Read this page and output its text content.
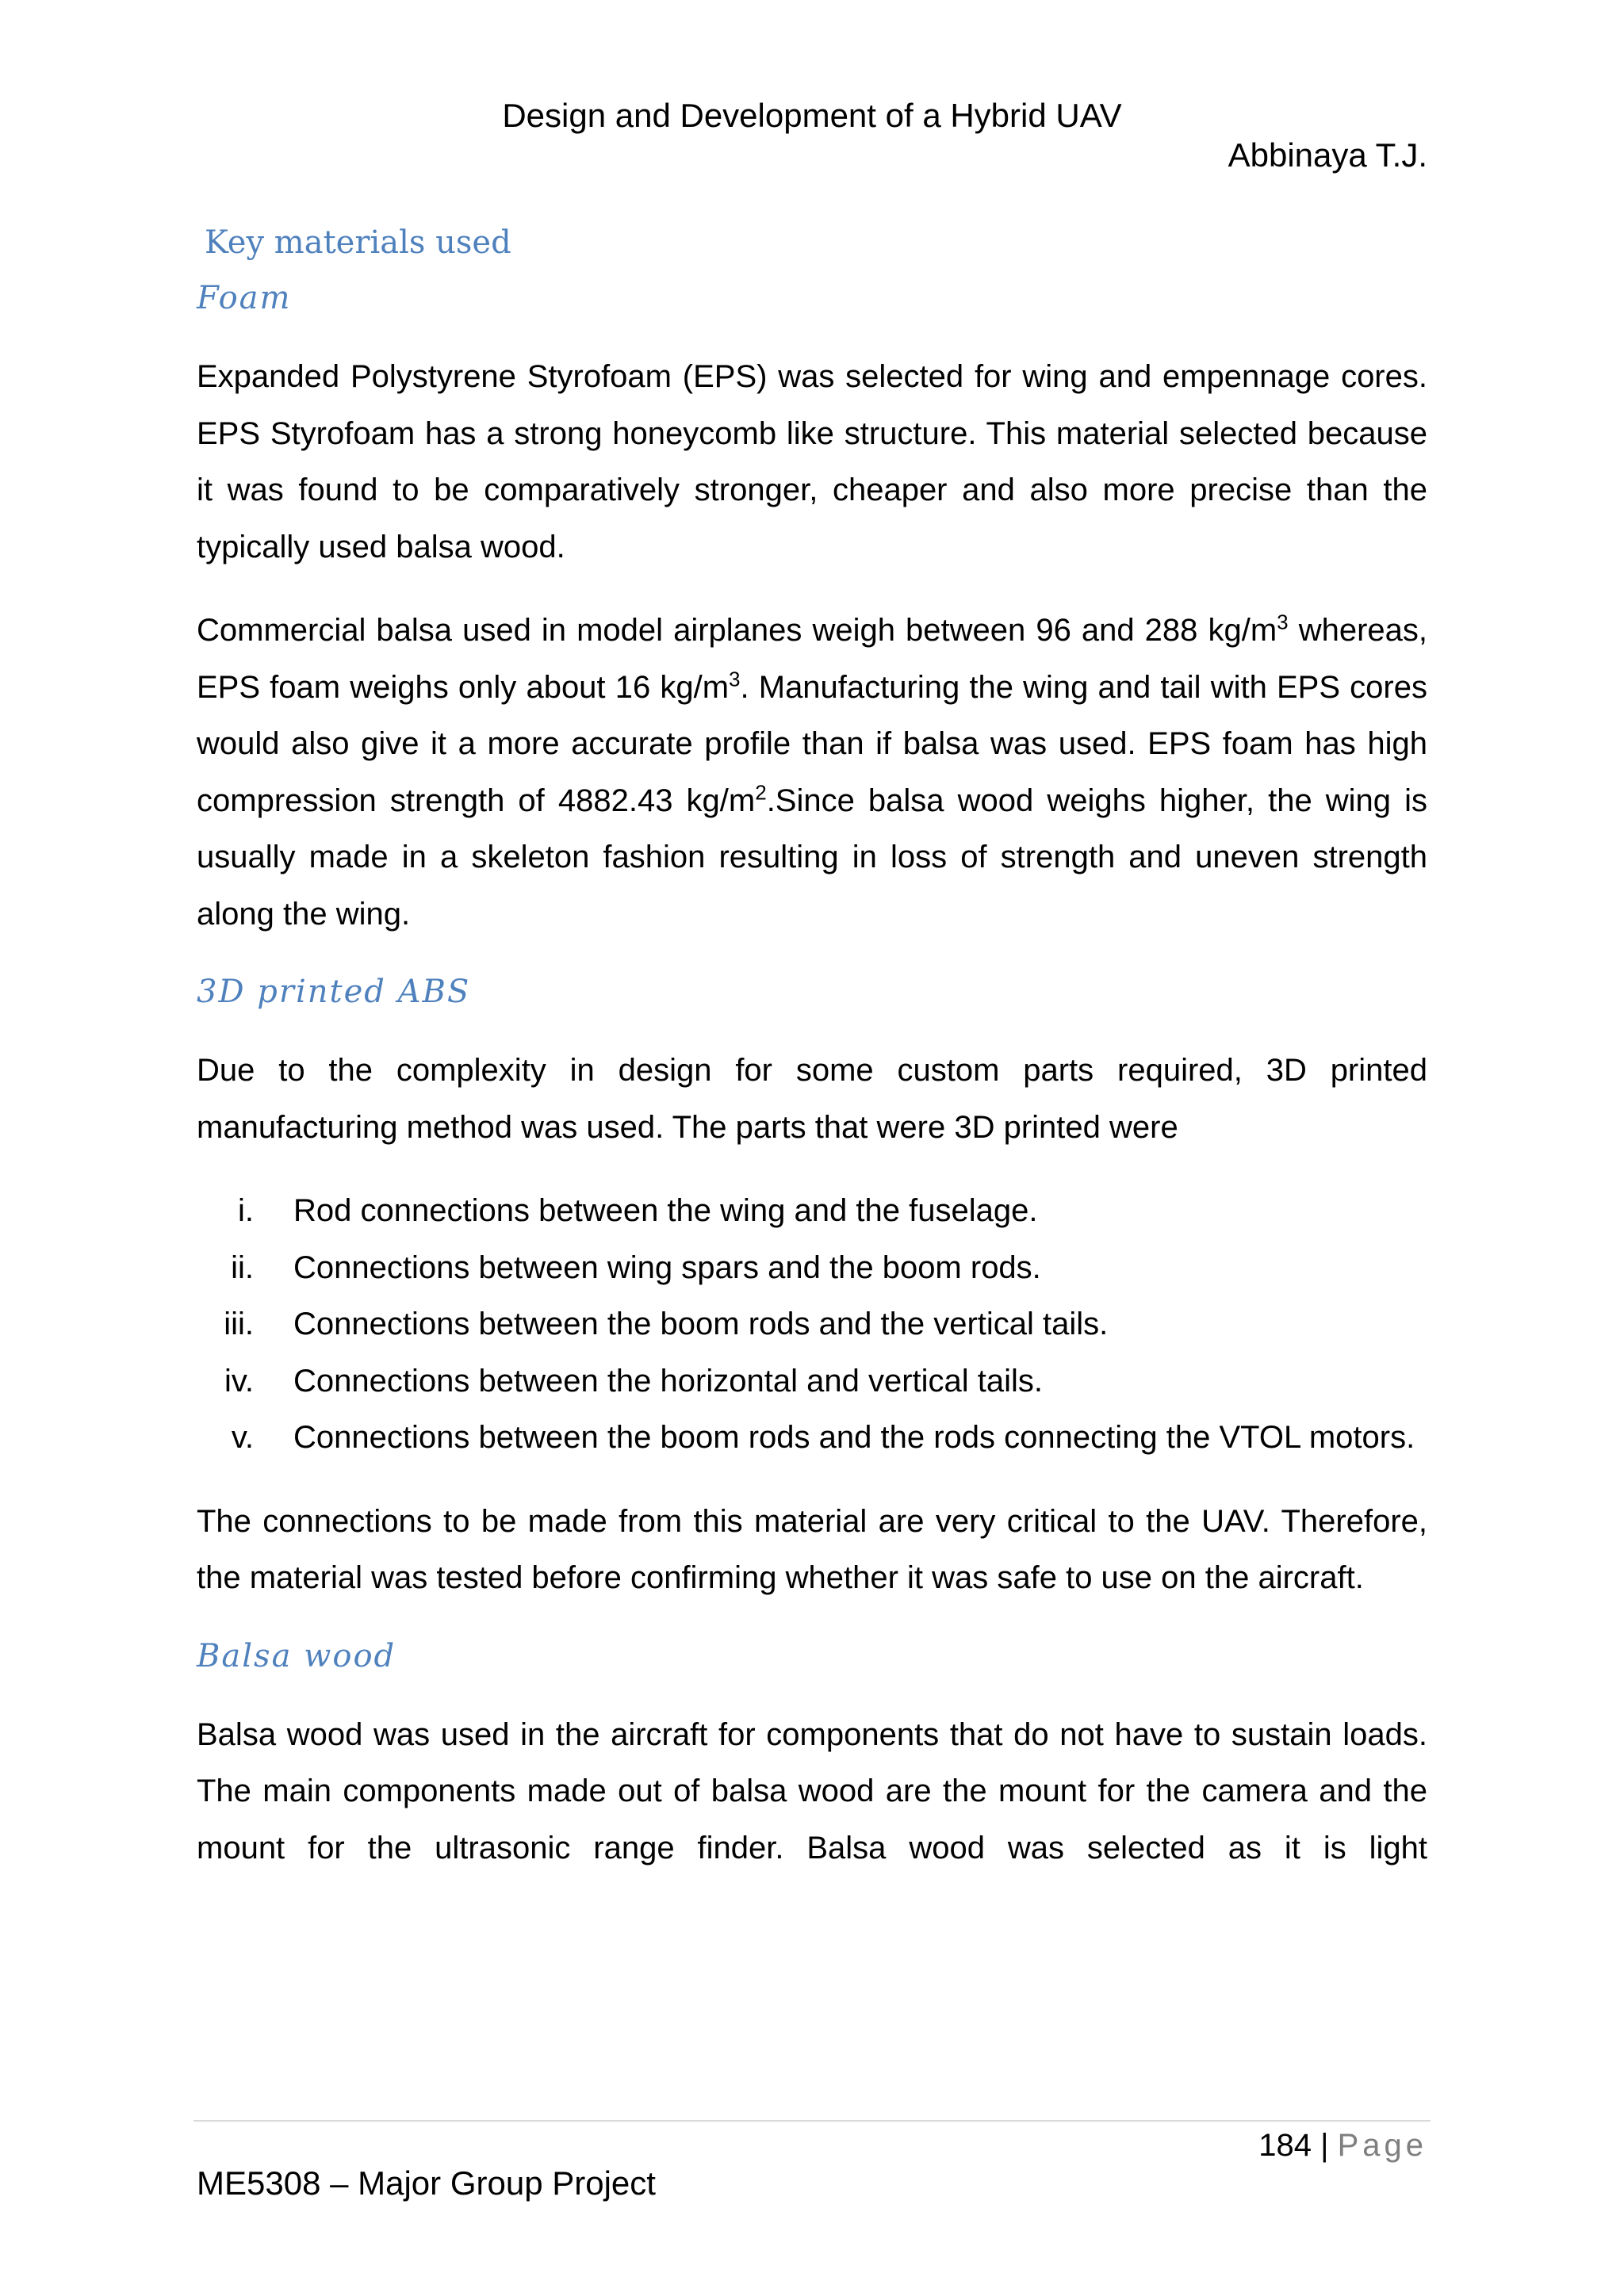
Design and Development of a Hybrid UAV
Abbinaya T.J.
Key materials used
Foam

Expanded Polystyrene Styrofoam (EPS) was selected for wing and empennage cores. EPS Styrofoam has a strong honeycomb like structure. This material selected because it was found to be comparatively stronger, cheaper and also more precise than the typically used balsa wood.

Commercial balsa used in model airplanes weigh between 96 and 288 $kg/m^3$ whereas, EPS foam weighs only about 16 $kg/m^3$. Manufacturing the wing and tail with EPS cores would also give it a more accurate profile than if balsa was used. EPS foam has high compression strength of 4882.43 $kg/m^2.Since$ balsa wood weighs higher, the wing is usually made in a skeleton fashion resulting in loss of strength and uneven strength along the wing.

3D printed ABS

Due to the complexity in design for some custom parts required, 3D printed manufacturing method was used. The parts that were 3D printed were

i. Rod connections between the wing and the fuselage.
ii. Connections between wing spars and the boom rods.
iii. Connections between the boom rods and the vertical tails.
iv. Connections between the horizontal and vertical tails.
v. Connections between the boom rods and the rods connecting the VTOL motors.

The connections to be made from this material are very critical to the UAV. Therefore, the material was tested before confirming whether it was safe to use on the aircraft.

Balsa wood

Balsa wood was used in the aircraft for components that do not have to sustain loads. The main components made out of balsa wood are the mount for the camera and the mount for the ultrasonic range finder. Balsa wood was selected as it is light

184 | Page
ME5308 – Major Group Project
